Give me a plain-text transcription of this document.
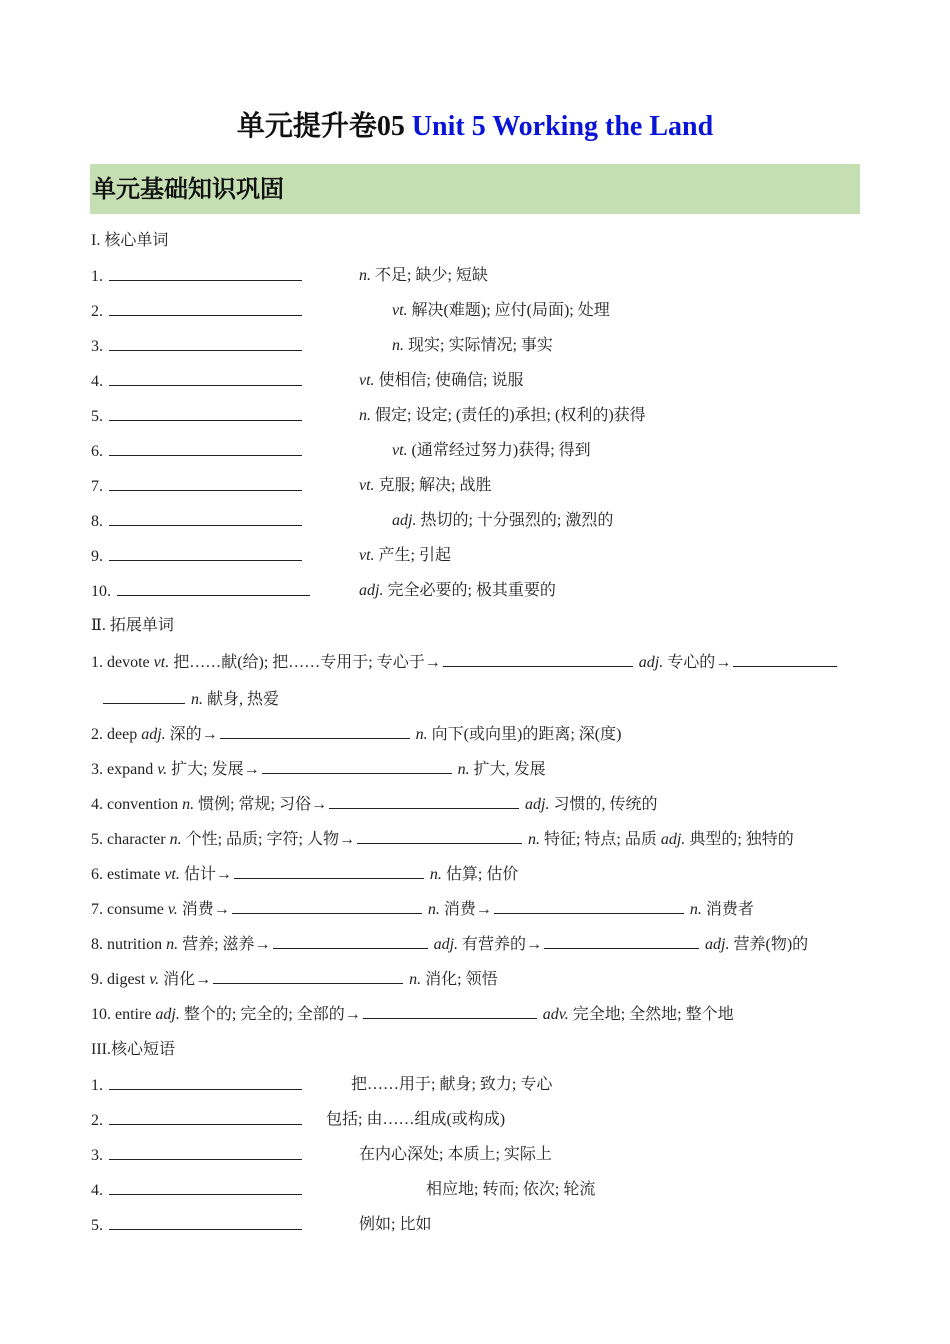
单元提升卷05 Unit 5 Working the Land
单元基础知识巩固
I. 核心单词
1.	n. 不足; 缺少; 短缺
2.	vt. 解决(难题); 应付(局面); 处理
3.	n. 现实; 实际情况; 事实
4.	vt. 使相信; 使确信; 说服
5.	n. 假定; 设定; (责任的)承担; (权利的)获得
6.	vt. (通常经过努力)获得; 得到
7.	vt. 克服; 解决; 战胜
8.	adj. 热切的; 十分强烈的; 激烈的
9.	vt. 产生; 引起
10.	adj. 完全必要的; 极其重要的
Ⅱ. 拓展单词
1. devote vt. 把……献(给); 把……专用于; 专心于→	adj. 专心的→
n. 献身, 热爱
2. deep adj. 深的→	n. 向下(或向里)的距离; 深(度)
3. expand v. 扩大; 发展→	n. 扩大, 发展
4. convention n. 惯例; 常规; 习俗→	adj. 习惯的, 传统的
5. character n. 个性; 品质; 字符; 人物→	n. 特征; 特点; 品质 adj. 典型的; 独特的
6. estimate vt. 估计→	n. 估算; 估价
7. consume v. 消费→	n. 消费→	n. 消费者
8. nutrition n. 营养; 滋养→	adj. 有营养的→	adj. 营养(物)的
9. digest v. 消化→	n. 消化; 领悟
10. entire adj. 整个的; 完全的; 全部的→	adv. 完全地; 全然地; 整个地
III.核心短语
1.	把……用于; 献身; 致力; 专心
2.	包括; 由……组成(或构成)
3.	在内心深处; 本质上; 实际上
4.	相应地; 转而; 依次; 轮流
5.	例如; 比如
